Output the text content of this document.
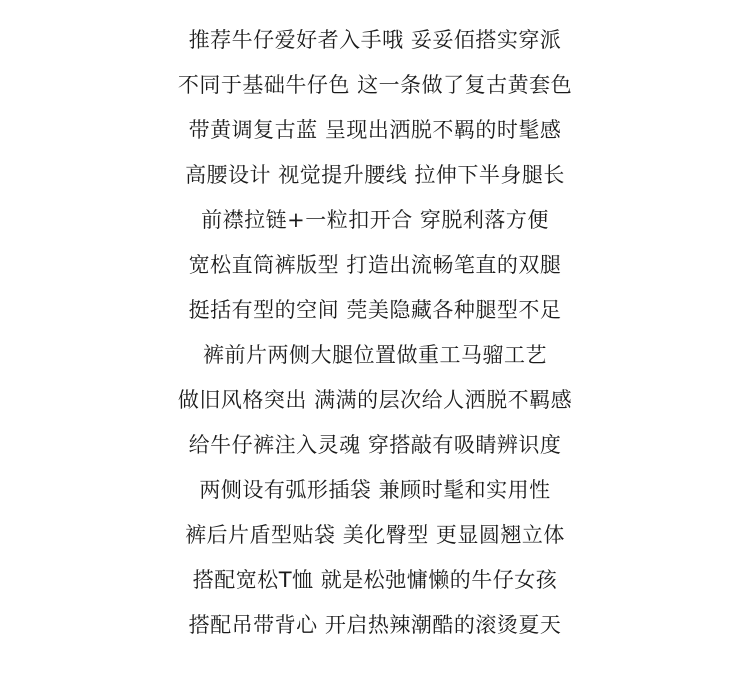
推荐牛仔爱好者入手哦 妥妥佰搭实穿派
不同于基础牛仔色 这一条做了复古黄套色
带黄调复古蓝 呈现出洒脱不羁的时髦感
高腰设计 视觉提升腰线 拉伸下半身腿长
前襟拉链+一粒扣开合 穿脱利落方便
宽松直筒裤版型 打造出流畅笔直的双腿
挺括有型的空间 莞美隐藏各种腿型不足
裤前片两侧大腿位置做重工马骝工艺
做旧风格突出 满满的层次给人洒脱不羁感
给牛仔裤注入灵魂 穿搭敲有吸睛辨识度
两侧设有弧形插袋 兼顾时髦和实用性
裤后片盾型贴袋 美化臀型 更显圆翘立体
搭配宽松T恤 就是松弛慵懒的牛仔女孩
搭配吊带背心 开启热辣潮酷的滚烫夏天
